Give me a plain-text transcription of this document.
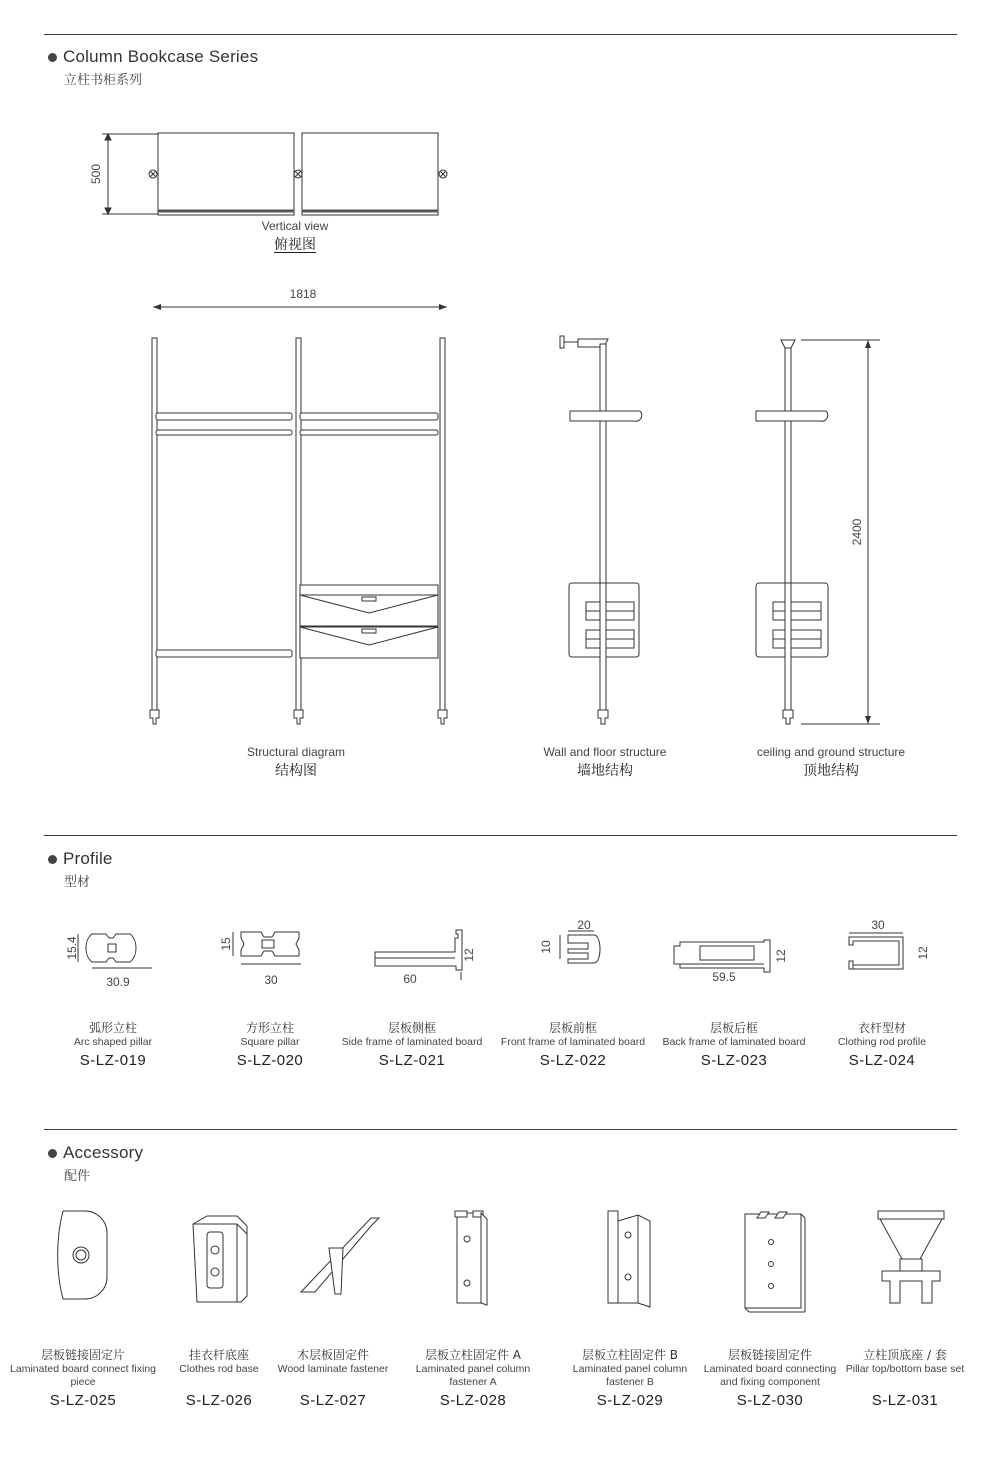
Column Bookcase Series
立柱书柜系列
500
Vertical view
俯视图
1818
Structural diagram
结构图
Wall and floor structure
墙地结构
2400
ceiling and ground structure
顶地结构
Profile
型材
15.4
30.9
15
30	60
12
20
10
59.5
12
30
12
弧形立柱
Arc shaped pillar
S-LZ-019
方形立柱
Square pillar
S-LZ-020
层板侧框
Side frame of laminated board
S-LZ-021
层板前框
Front frame of laminated board
S-LZ-022
层板后框
Back frame of laminated board
S-LZ-023
衣杆型材
Clothing rod profile
S-LZ-024
Accessory
配件
层板链接固定片
Laminated board connect fixing
piece
S-LZ-025
挂衣杆底座
Clothes rod base
S-LZ-026
木层板固定件
Wood laminate fastener
S-LZ-027
层板立柱固定件 A
Laminated panel column
fastener A
S-LZ-028
层板立柱固定件 B
Laminated panel column
fastener B
S-LZ-029
层板链接固定件
Laminated board connecting
and fixing component
S-LZ-030
立柱顶底座 / 套
Pillar top/bottom base set
S-LZ-031
